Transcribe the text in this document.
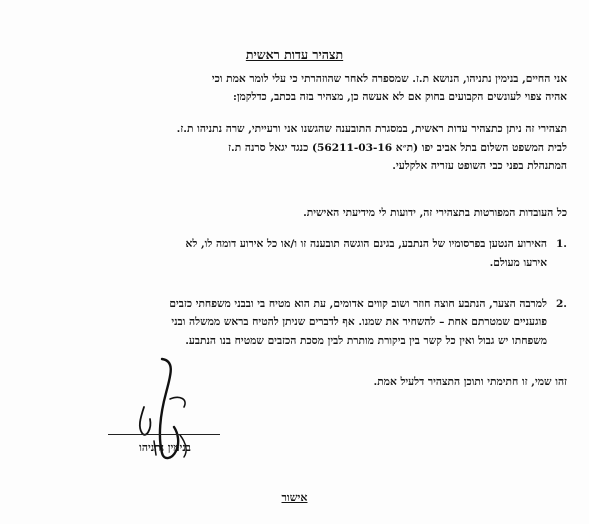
תצהיר עדות ראשית
אני החיים, בנימין נתניהו, הנושא ת.ז. שמספרה לאחר שהוזהרתי כי עלי לומר אמת וכי
אהיה צפוי לעונשים הקבועים בחוק אם לא אעשה כן, מצהיר בזה בכתב, כדלקמן:
תצהירי זה ניתן כתצהיר עדות ראשית, במסגרת התובענה שהגשנו אני ורעייתי, שרה נתניהו ת.ז.
לבית המשפט השלום בתל אביב יפו (ת״א 56211-03-16) כנגד יגאל סרנה ת.ז
המתנהלת בפני כבי השופט עזריה אלקלעי.
כל העובדות המפורטות בתצהירי זה, ידועות לי מידיעתי האישית.
1.
האירוע הנטען בפרסומיו של הנתבע, בגינם הוגשה תובענה זו ו/או כל אירוע דומה לו, לא
אירעו מעולם.
2.
למרבה הצער, הנתבע חוצה חוזר ושוב קווים אדומים, עת הוא מטיח בי ובבני משפחתי כזבים
פוגעניים שמטרתם אחת – להשחיר את שמנו. אף לדברים שניתן להטיח בראש ממשלה ובני
משפחתו יש גבול ואין כל קשר בין ביקורת מותרת לבין מסכת הכזבים שמטיח בנו הנתבע.
זהו שמי, זו חתימתי ותוכן התצהיר דלעיל אמת.
בנימין נתניהו
אישור
